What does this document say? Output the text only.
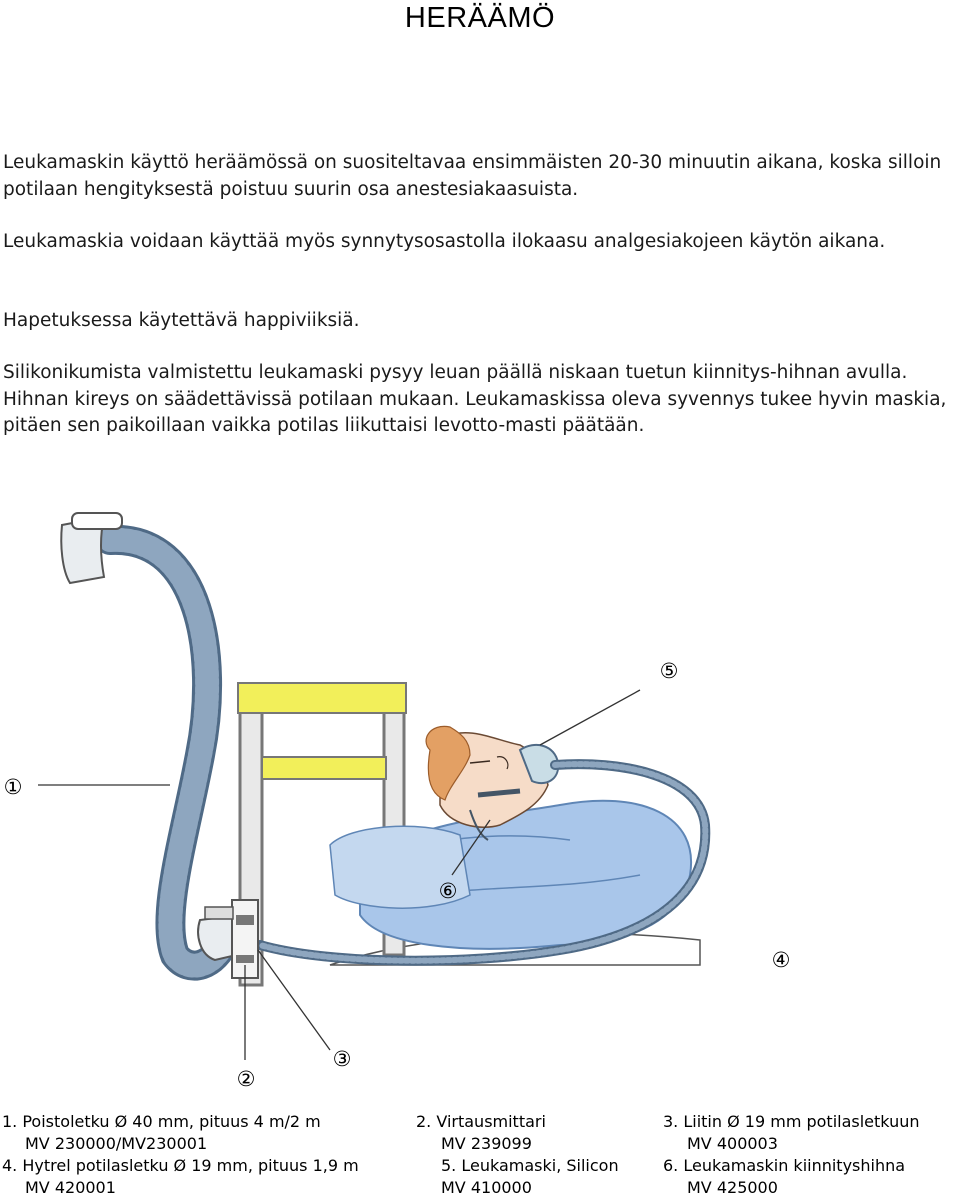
HERÄÄMÖ

Leukamaskin käyttö heräämössä on suositeltavaa ensimmäisten 20-30 minuutin aikana, koska silloin potilaan hengityksestä poistuu suurin osa anestesiakaasuista.

Leukamaskia voidaan käyttää myös synnytysosastolla ilokaasu analgesiakojeen käytön aikana.

Hapetuksessa käytettävä happiviiksiä.

Silikonikumista valmistettu leukamaski pysyy leuan päällä niskaan tuetun kiinnitys-hihnan avulla. Hihnan kireys on säädettävissä potilaan mukaan. Leukamaskissa oleva syvennys tukee hyvin maskia, pitäen sen paikoillaan vaikka potilas liikuttaisi levotto-masti päätään.

①
⑤
⑥
④
②
③
1. Poistoletku Ø 40 mm, pituus 4 m/2 m
MV 230000/MV230001
2. Virtausmittari
MV 239099
3. Liitin Ø 19 mm potilasletkuun
MV 400003
4. Hytrel potilasletku Ø 19 mm, pituus 1,9 m
MV 420001
5. Leukamaski, Silicon
MV 410000
6. Leukamaskin kiinnityshihna
MV 425000
